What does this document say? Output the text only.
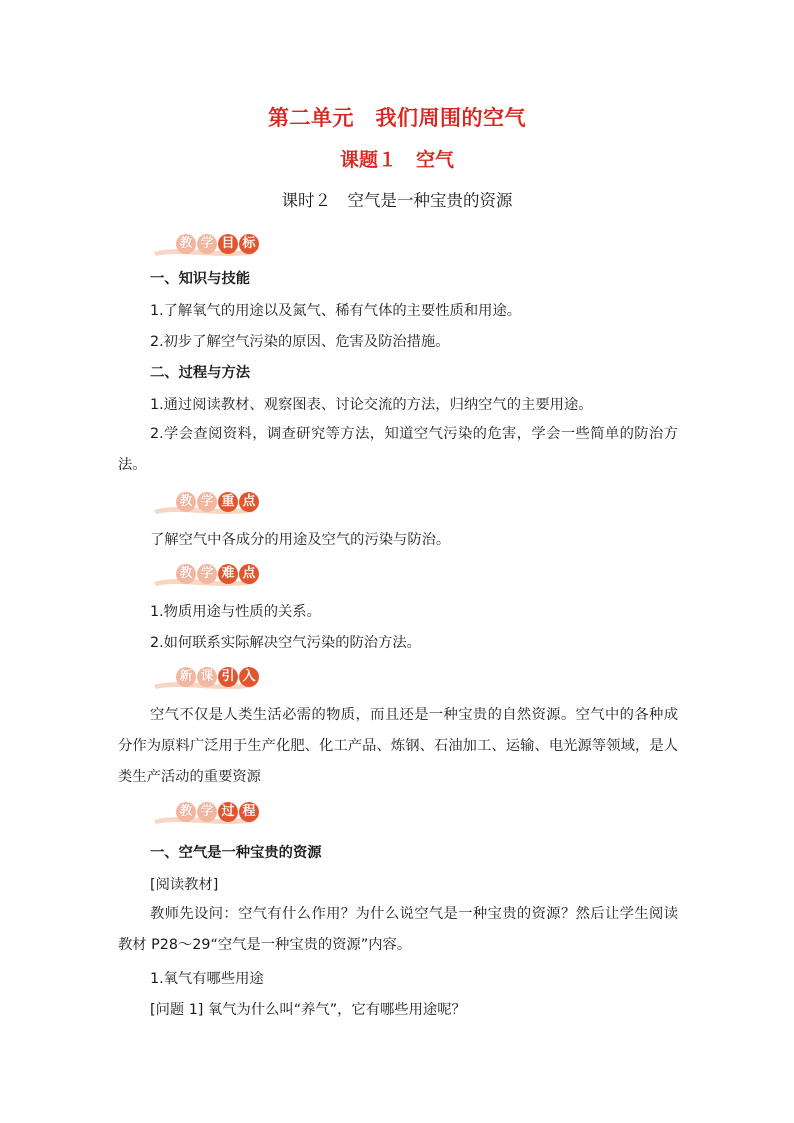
第二单元　我们周围的空气
课题１　空气
课时２　空气是一种宝贵的资源
教 学 目 标
一、知识与技能
1.了解氧气的用途以及氮气、稀有气体的主要性质和用途。
2.初步了解空气污染的原因、危害及防治措施。
二、过程与方法
1.通过阅读教材、观察图表、讨论交流的方法，归纳空气的主要用途。
2.学会查阅资料，调查研究等方法，知道空气污染的危害，学会一些简单的防治方法。
教 学 重 点
了解空气中各成分的用途及空气的污染与防治。
教 学 难 点
1.物质用途与性质的关系。
2.如何联系实际解决空气污染的防治方法。
新 课 引 入
空气不仅是人类生活必需的物质，而且还是一种宝贵的自然资源。空气中的各种成分作为原料广泛用于生产化肥、化工产品、炼钢、石油加工、运输、电光源等领域，是人类生产活动的重要资源
教 学 过 程
一、空气是一种宝贵的资源
[阅读教材]
教师先设问：空气有什么作用？为什么说空气是一种宝贵的资源？然后让学生阅读教材 P28～29“空气是一种宝贵的资源”内容。
1.氧气有哪些用途
[问题 1] 氧气为什么叫“养气”，它有哪些用途呢？
